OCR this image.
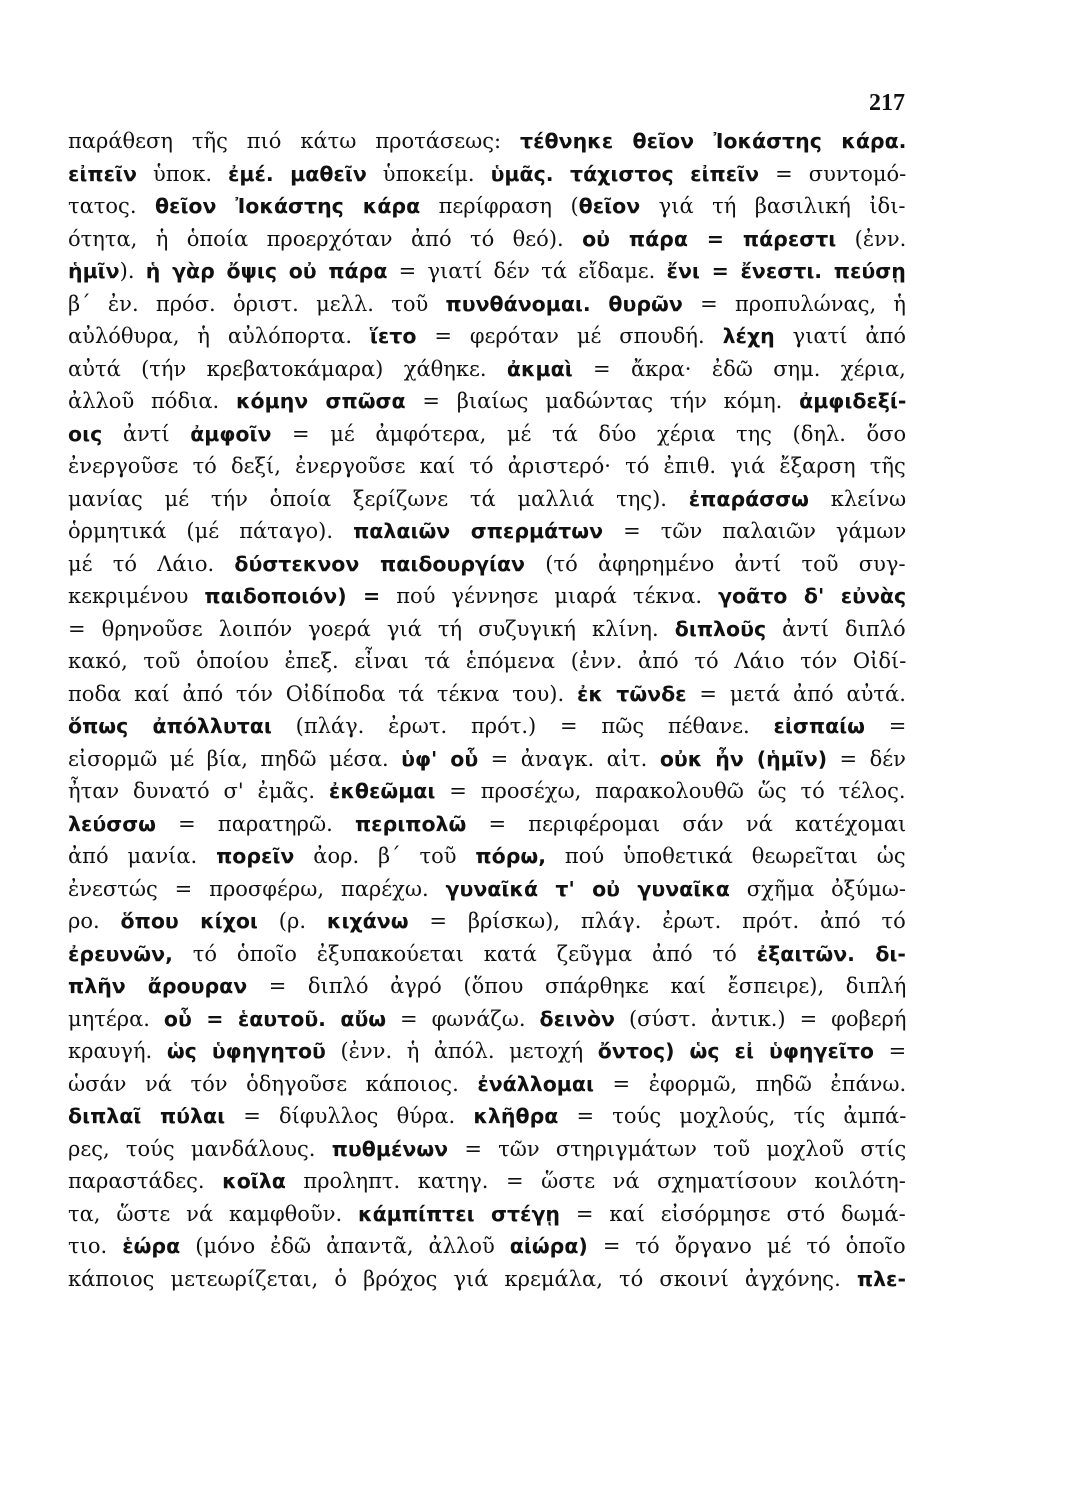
217
παράθεση τῆς πιό κάτω προτάσεως: τέθνηκε θεῖον Ἰοκάστης κάρα.
εἰπεῖν ὑποκ. ἐμέ. μαθεῖν ὑποκείμ. ὑμᾶς. τάχιστος εἰπεῖν = συντομό-
τατος. θεῖον Ἰοκάστης κάρα περίφραση (θεῖον γιά τή βασιλική ἰδι-
ότητα, ἡ ὁποία προερχόταν ἀπό τό θεό). οὐ πάρα = πάρεστι (ἐνν.
ἡμῖν). ἡ γὰρ ὄψις οὐ πάρα = γιατί δέν τά εἴδαμε. ἔνι = ἔνεστι. πεύσῃ
β΄ ἐν. πρόσ. ὁριστ. μελλ. τοῦ πυνθάνομαι. θυρῶν = προπυλώνας, ἡ
αὐλόθυρα, ἡ αὐλόπορτα. ἵετο = φερόταν μέ σπουδή. λέχη γιατί ἀπό
αὐτά (τήν κρεβατοκάμαρα) χάθηκε. ἀκμαὶ = ἄκρα· ἐδῶ σημ. χέρια,
ἀλλοῦ πόδια. κόμην σπῶσα = βιαίως μαδώντας τήν κόμη. ἀμφιδεξί-
οις ἀντί ἀμφοῖν = μέ ἀμφότερα, μέ τά δύο χέρια της (δηλ. ὅσο
ἐνεργοῦσε τό δεξί, ἐνεργοῦσε καί τό ἀριστερό· τό ἐπιθ. γιά ἔξαρση τῆς
μανίας μέ τήν ὁποία ξερίζωνε τά μαλλιά της). ἐπαράσσω κλείνω
ὁρμητικά (μέ πάταγο). παλαιῶν σπερμάτων = τῶν παλαιῶν γάμων
μέ τό Λάιο. δύστεκνον παιδουργίαν (τό ἀφηρημένο ἀντί τοῦ συγ-
κεκριμένου παιδοποιόν) = πού γέννησε μιαρά τέκνα. γοᾶτο δ' εὐνὰς
= θρηνοῦσε λοιπόν γοερά γιά τή συζυγική κλίνη. διπλοῦς ἀντί διπλό
κακό, τοῦ ὁποίου ἐπεξ. εἶναι τά ἑπόμενα (ἐνν. ἀπό τό Λάιο τόν Οἰδί-
ποδα καί ἀπό τόν Οἰδίποδα τά τέκνα του). ἐκ τῶνδε = μετά ἀπό αὐτά.
ὅπως ἀπόλλυται (πλάγ. ἐρωτ. πρότ.) = πῶς πέθανε. εἰσπαίω =
εἰσορμῶ μέ βία, πηδῶ μέσα. ὑφ' οὗ = ἀναγκ. αἰτ. οὐκ ἦν (ἡμῖν) = δέν
ἦταν δυνατό σ' ἐμᾶς. ἐκθεῶμαι = προσέχω, παρακολουθῶ ὥς τό τέλος.
λεύσσω = παρατηρῶ. περιπολῶ = περιφέρομαι σάν νά κατέχομαι
ἀπό μανία. πορεῖν ἀορ. β΄ τοῦ πόρω, πού ὑποθετικά θεωρεῖται ὡς
ἐνεστώς = προσφέρω, παρέχω. γυναῖκά τ' οὐ γυναῖκα σχῆμα ὀξύμω-
ρο. ὅπου κίχοι (ρ. κιχάνω = βρίσκω), πλάγ. ἐρωτ. πρότ. ἀπό τό
ἐρευνῶν, τό ὁποῖο ἐξυπακούεται κατά ζεῦγμα ἀπό τό ἐξαιτῶν. δι-
πλῆν ἄρουραν = διπλό ἀγρό (ὅπου σπάρθηκε καί ἔσπειρε), διπλή
μητέρα. οὗ = ἑαυτοῦ. αὔω = φωνάζω. δεινὸν (σύστ. ἀντικ.) = φοβερή
κραυγή. ὡς ὑφηγητοῦ (ἐνν. ἡ ἀπόλ. μετοχή ὄντος) ὡς εἰ ὑφηγεῖτο =
ὡσάν νά τόν ὁδηγοῦσε κάποιος. ἐνάλλομαι = ἐφορμῶ, πηδῶ ἐπάνω.
διπλαῖ πύλαι = δίφυλλος θύρα. κλῆθρα = τούς μοχλούς, τίς ἀμπά-
ρες, τούς μανδάλους. πυθμένων = τῶν στηριγμάτων τοῦ μοχλοῦ στίς
παραστάδες. κοῖλα προληπτ. κατηγ. = ὥστε νά σχηματίσουν κοιλότη-
τα, ὥστε νά καμφθοῦν. κάμπίπτει στέγῃ = καί εἰσόρμησε στό δωμά-
τιο. ἑώρα (μόνο ἐδῶ ἀπαντᾶ, ἀλλοῦ αἰώρα) = τό ὄργανο μέ τό ὁποῖο
κάποιος μετεωρίζεται, ὁ βρόχος γιά κρεμάλα, τό σκοινί ἀγχόνης. πλε-
